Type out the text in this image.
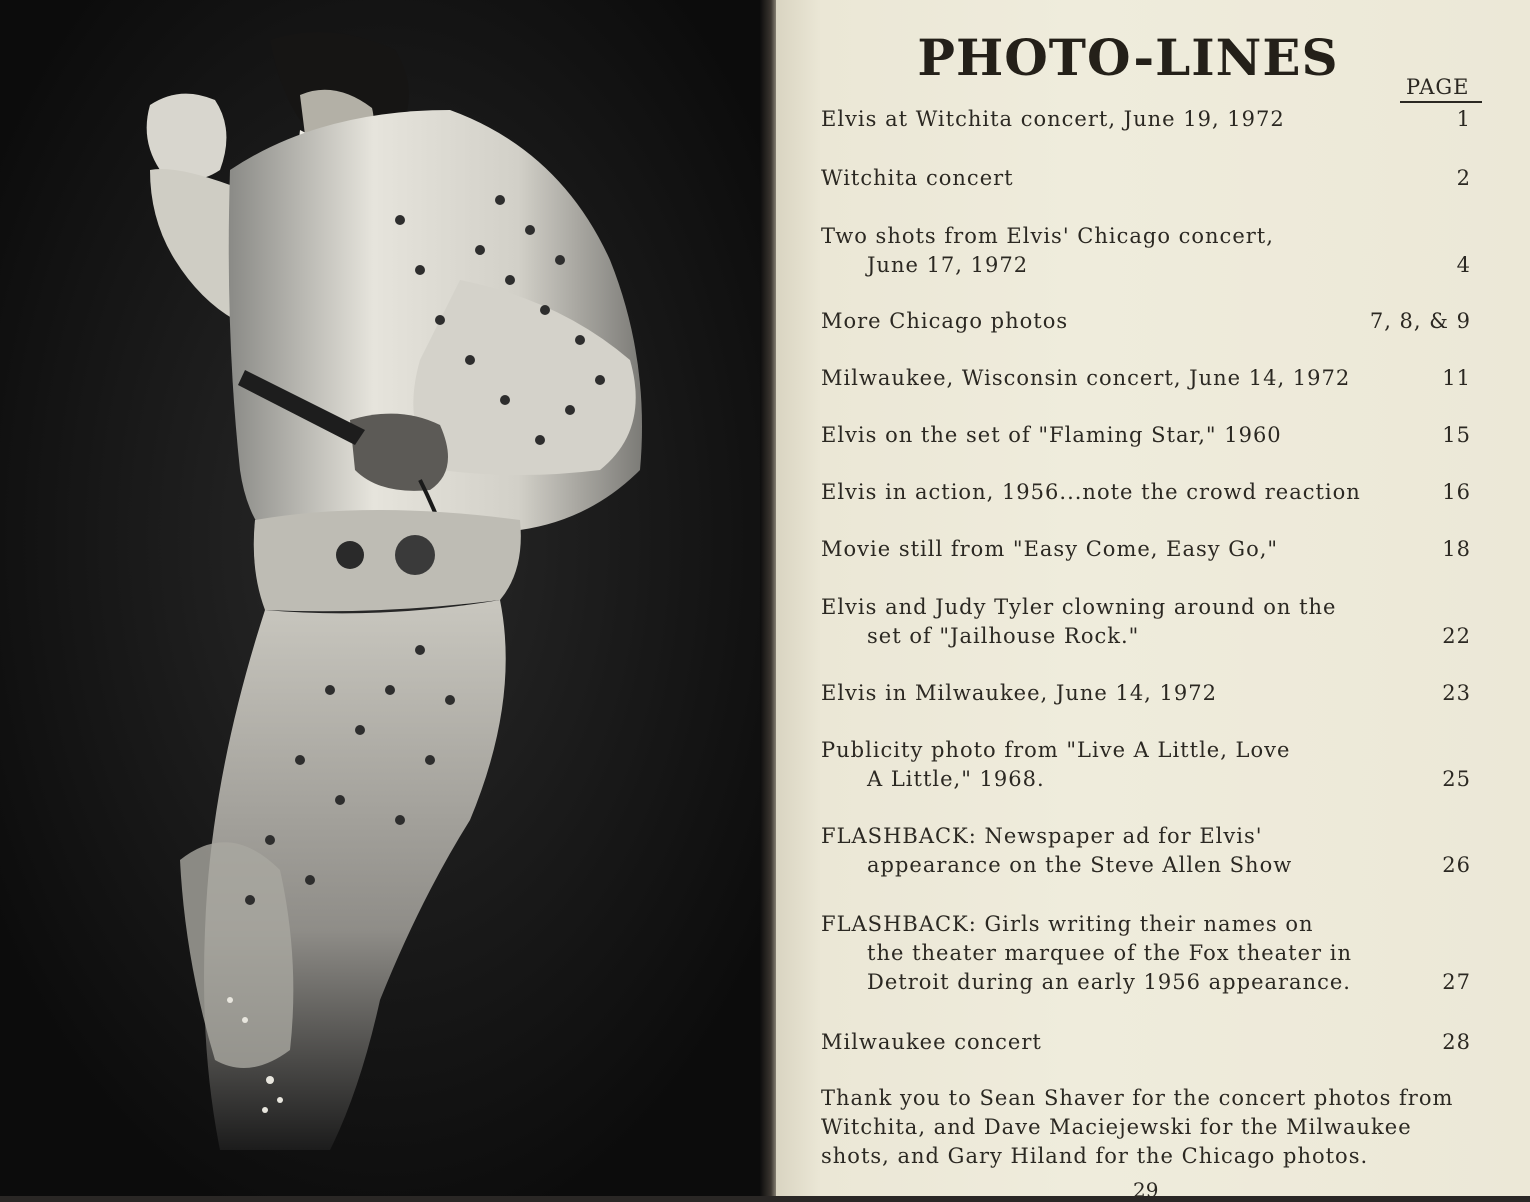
PHOTO-LINES	PAGE
Elvis at Witchita concert, June 19, 1972	1
Witchita concert	2
Two shots from Elvis' Chicago concert,
June 17, 1972	4
More Chicago photos	7, 8, & 9
Milwaukee, Wisconsin concert, June 14, 1972	11
Elvis on the set of "Flaming Star," 1960	15
Elvis in action, 1956...note the crowd reaction	16
Movie still from "Easy Come, Easy Go,"	18
Elvis and Judy Tyler clowning around on the
set of "Jailhouse Rock."	22
Elvis in Milwaukee, June 14, 1972	23
Publicity photo from "Live A Little, Love
A Little," 1968.	25
FLASHBACK: Newspaper ad for Elvis'
appearance on the Steve Allen Show	26
FLASHBACK: Girls writing their names on
the theater marquee of the Fox theater in
Detroit during an early 1956 appearance.	27
Milwaukee concert	28
Thank you to Sean Shaver for the concert photos from
Witchita, and Dave Maciejewski for the Milwaukee
shots, and Gary Hiland for the Chicago photos.
29
